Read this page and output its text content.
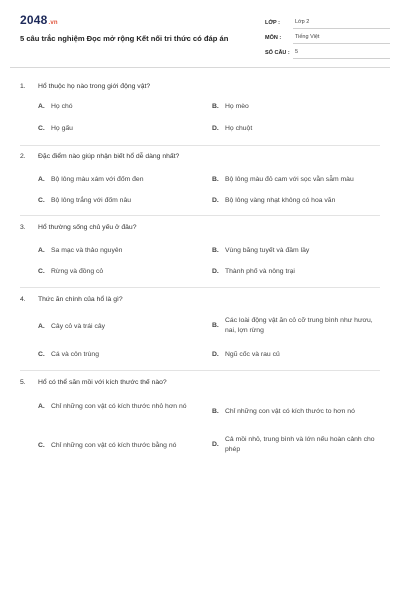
2048.vn
5 câu trắc nghiệm Đọc mở rộng Kết nối tri thức có đáp án
LỚP :	Lớp 2
MÔN :	Tiếng Việt
SỐ CÂU : 5
1.	Hổ thuộc họ nào trong giới động vật?
A. Họ chó	B. Họ mèo
C. Họ gấu	D. Họ chuột
2.	Đặc điểm nào giúp nhận biết hổ dễ dàng nhất?
A. Bộ lông màu xám với đốm đen	B. Bộ lông màu đỏ cam với sọc vằn sẫm màu
C. Bộ lông trắng với đốm nâu	D. Bộ lông vàng nhạt không có hoa văn
3.	Hổ thường sống chủ yếu ở đâu?
A. Sa mạc và thảo nguyên	B. Vùng băng tuyết và đầm lầy
C. Rừng và đồng cỏ	D. Thành phố và nông trại
4.	Thức ăn chính của hổ là gì?
A. Cây cỏ và trái cây	B.
Các loài động vật ăn cỏ cỡ trung bình như hươu, nai, lợn rừng
C. Cá và côn trùng	D. Ngũ cốc và rau củ
5.	Hổ có thể săn mồi với kích thước thế nào?
A. Chỉ những con vật có kích thước nhỏ hơn nó
B. Chỉ những con vật có kích thước to hơn nó
C. Chỉ những con vật có kích thước bằng nó	D.
Cả mồi nhỏ, trung bình và lớn nếu hoàn cảnh cho phép
